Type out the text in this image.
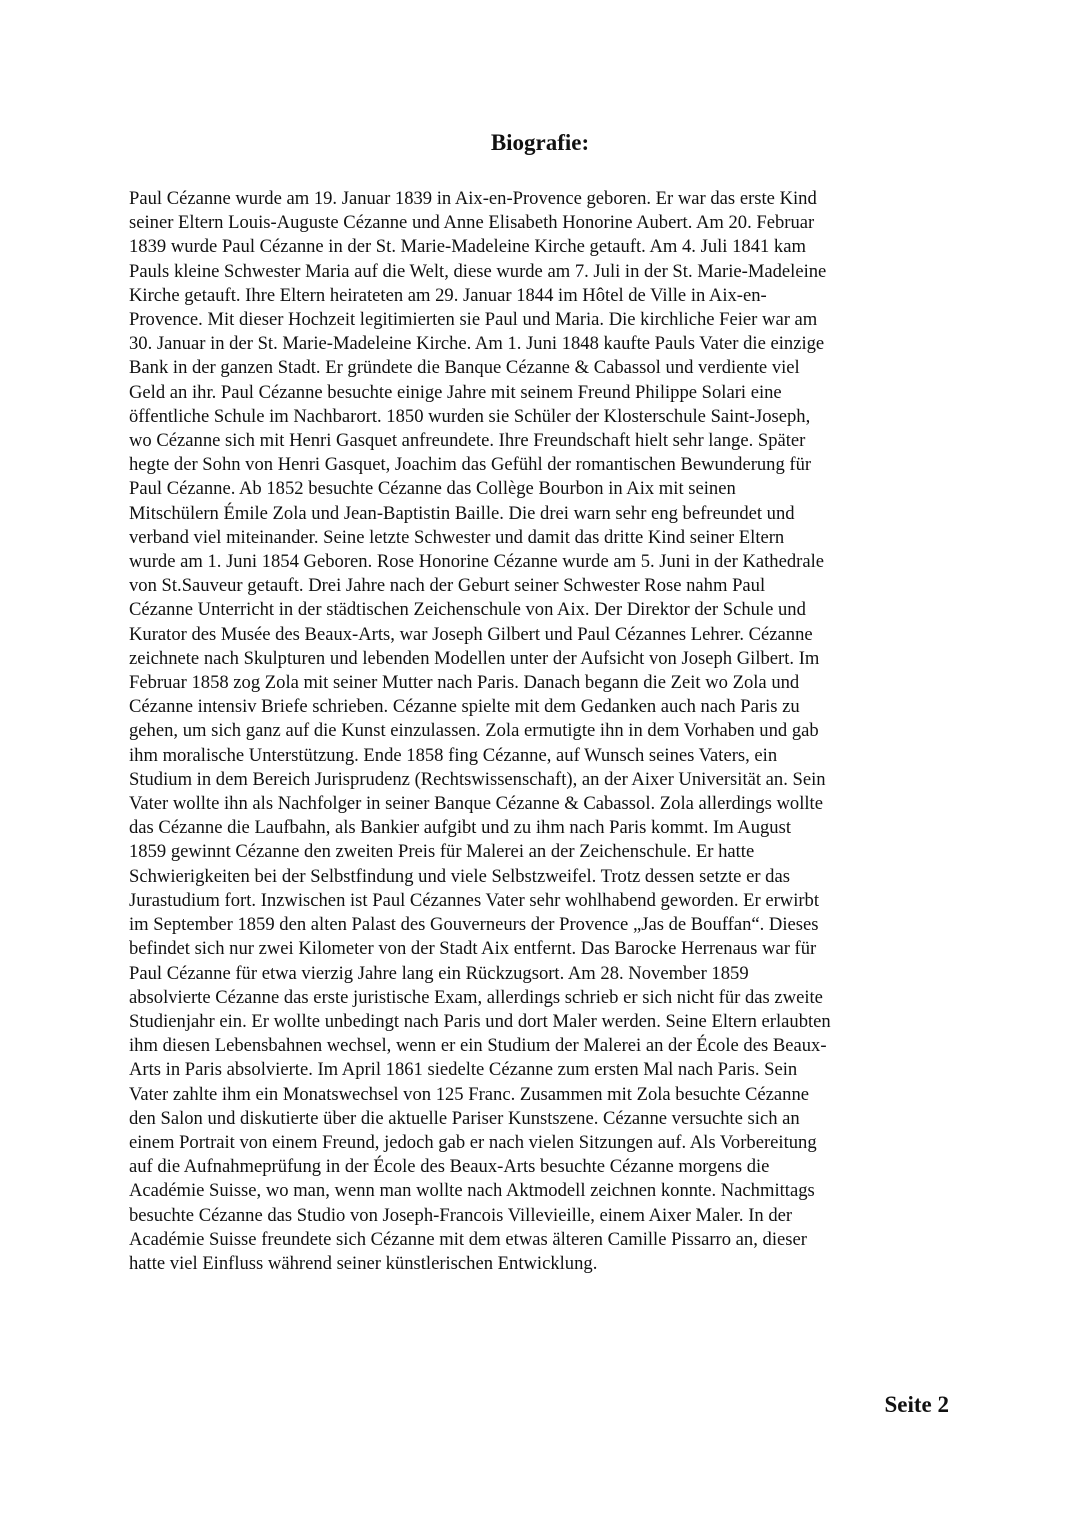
Biografie:
Paul Cézanne wurde am 19. Januar 1839 in Aix-en-Provence geboren. Er war das erste Kind
seiner Eltern Louis-Auguste Cézanne und Anne Elisabeth Honorine Aubert. Am 20. Februar
1839 wurde Paul Cézanne in der St. Marie-Madeleine Kirche getauft. Am 4. Juli 1841 kam
Pauls kleine Schwester Maria auf die Welt, diese wurde am 7. Juli in der St. Marie-Madeleine
Kirche getauft. Ihre Eltern heirateten am 29. Januar 1844 im Hôtel de Ville in Aix-en-
Provence. Mit dieser Hochzeit legitimierten sie Paul und Maria. Die kirchliche Feier war am
30. Januar in der St. Marie-Madeleine Kirche. Am 1. Juni 1848 kaufte Pauls Vater die einzige
Bank in der ganzen Stadt. Er gründete die Banque Cézanne & Cabassol und verdiente viel
Geld an ihr. Paul Cézanne besuchte einige Jahre mit seinem Freund Philippe Solari eine
öffentliche Schule im Nachbarort. 1850 wurden sie Schüler der Klosterschule Saint-Joseph,
wo Cézanne sich mit Henri Gasquet anfreundete. Ihre Freundschaft hielt sehr lange. Später
hegte der Sohn von Henri Gasquet, Joachim das Gefühl der romantischen Bewunderung für
Paul Cézanne. Ab 1852 besuchte Cézanne das Collège Bourbon in Aix mit seinen
Mitschülern Émile Zola und Jean-Baptistin Baille. Die drei warn sehr eng befreundet und
verband viel miteinander. Seine letzte Schwester und damit das dritte Kind seiner Eltern
wurde am 1. Juni 1854 Geboren. Rose Honorine Cézanne wurde am 5. Juni in der Kathedrale
von St.Sauveur getauft. Drei Jahre nach der Geburt seiner Schwester Rose nahm Paul
Cézanne Unterricht in der städtischen Zeichenschule von Aix. Der Direktor der Schule und
Kurator des Musée des Beaux-Arts, war Joseph Gilbert und Paul Cézannes Lehrer. Cézanne
zeichnete nach Skulpturen und lebenden Modellen unter der Aufsicht von Joseph Gilbert. Im
Februar 1858 zog Zola mit seiner Mutter nach Paris. Danach begann die Zeit wo Zola und
Cézanne intensiv Briefe schrieben. Cézanne spielte mit dem Gedanken auch nach Paris zu
gehen, um sich ganz auf die Kunst einzulassen. Zola ermutigte ihn in dem Vorhaben und gab
ihm moralische Unterstützung. Ende 1858 fing Cézanne, auf Wunsch seines Vaters, ein
Studium in dem Bereich Jurisprudenz (Rechtswissenschaft), an der Aixer Universität an. Sein
Vater wollte ihn als Nachfolger in seiner Banque Cézanne & Cabassol. Zola allerdings wollte
das Cézanne die Laufbahn, als Bankier aufgibt und zu ihm nach Paris kommt. Im August
1859 gewinnt Cézanne den zweiten Preis für Malerei an der Zeichenschule. Er hatte
Schwierigkeiten bei der Selbstfindung und viele Selbstzweifel. Trotz dessen setzte er das
Jurastudium fort. Inzwischen ist Paul Cézannes Vater sehr wohlhabend geworden. Er erwirbt
im September 1859 den alten Palast des Gouverneurs der Provence „Jas de Bouffan“. Dieses
befindet sich nur zwei Kilometer von der Stadt Aix entfernt. Das Barocke Herrenaus war für
Paul Cézanne für etwa vierzig Jahre lang ein Rückzugsort. Am 28. November 1859
absolvierte Cézanne das erste juristische Exam, allerdings schrieb er sich nicht für das zweite
Studienjahr ein. Er wollte unbedingt nach Paris und dort Maler werden. Seine Eltern erlaubten
ihm diesen Lebensbahnen wechsel, wenn er ein Studium der Malerei an der École des Beaux-
Arts in Paris absolvierte. Im April 1861 siedelte Cézanne zum ersten Mal nach Paris. Sein
Vater zahlte ihm ein Monatswechsel von 125 Franc. Zusammen mit Zola besuchte Cézanne
den Salon und diskutierte über die aktuelle Pariser Kunstszene. Cézanne versuchte sich an
einem Portrait von einem Freund, jedoch gab er nach vielen Sitzungen auf. Als Vorbereitung
auf die Aufnahmeprüfung in der École des Beaux-Arts besuchte Cézanne morgens die
Académie Suisse, wo man, wenn man wollte nach Aktmodell zeichnen konnte. Nachmittags
besuchte Cézanne das Studio von Joseph-Francois Villevieille, einem Aixer Maler. In der
Académie Suisse freundete sich Cézanne mit dem etwas älteren Camille Pissarro an, dieser
hatte viel Einfluss während seiner künstlerischen Entwicklung.
Seite 2
